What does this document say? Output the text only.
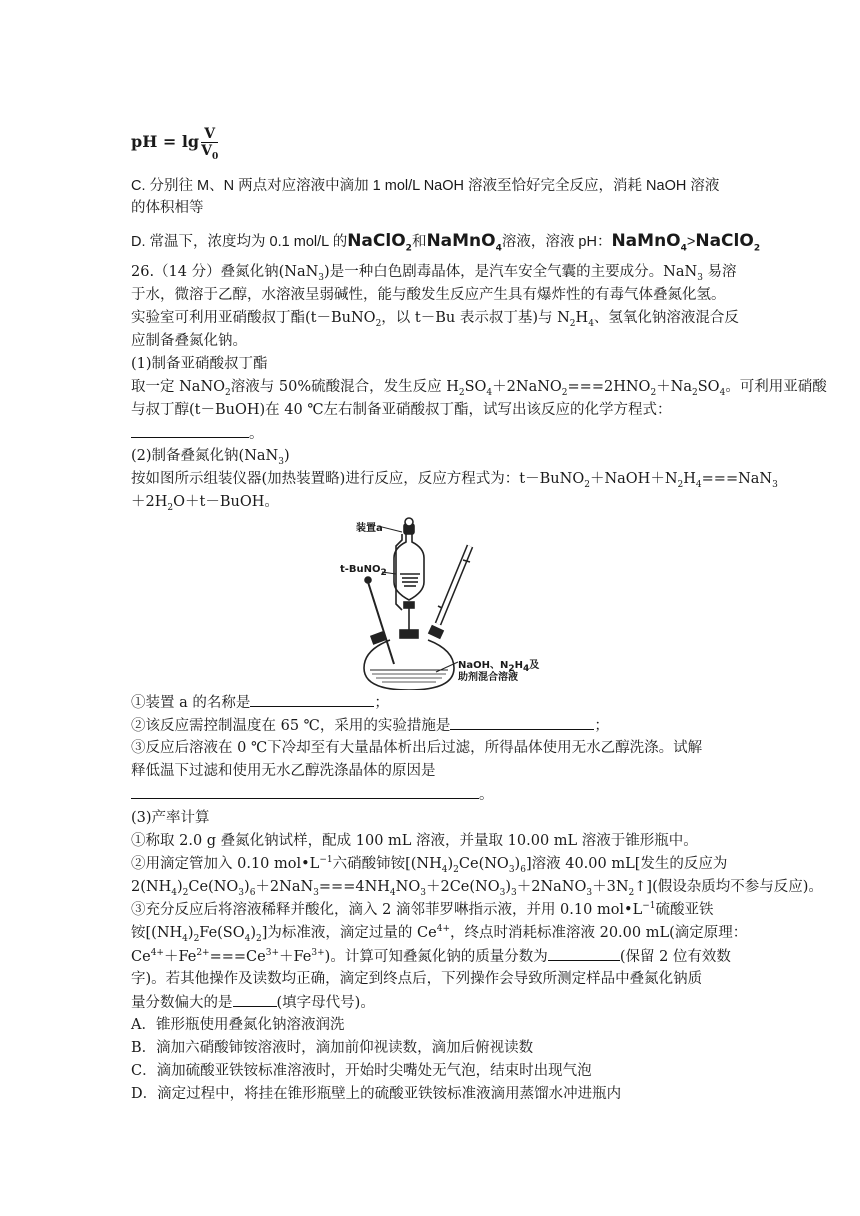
pH = $\lg \frac{V}{V_0}$
C. 分别往 M、N 两点对应溶液中滴加 1 mol/L NaOH 溶液至恰好完全反应，消耗 NaOH 溶液
的体积相等
D. 常温下，浓度均为 0.1 mol/L 的NaClO$_2$和NaMnO$_4$溶液，溶液 pH：NaMnO$_4$>NaClO$_2$
26.（14 分）叠氮化钠(NaN$_3$)是一种白色剧毒晶体，是汽车安全气囊的主要成分。NaN$_3$ 易溶
于水，微溶于乙醇，水溶液呈弱碱性，能与酸发生反应产生具有爆炸性的有毒气体叠氮化氢。
实验室可利用亚硝酸叔丁酯(t－BuNO$_2$，以 t－Bu 表示叔丁基)与 $N_2H_4$、氢氧化钠溶液混合反
应制备叠氮化钠。
(1)制备亚硝酸叔丁酯
取一定 NaNO$_2$溶液与 50%硫酸混合，发生反应 $H_2SO_4+2NaNO_2===2HNO_2+Na_2SO_4$。可利用亚硝酸
与叔丁醇(t－BuOH)在 40 ℃左右制备亚硝酸叔丁酯，试写出该反应的化学方程式：
。
(2)制备叠氮化钠(NaN$_3$)
按如图所示组装仪器(加热装置略)进行反应，反应方程式为：$t-BuNO_2+NaOH+N_2H_4===NaN_3$
$+2H_2O+t-BuOH$。
装置a
t-BuNO$_2$
NaOH、$N_2H_4$及
助剂混合溶液
①装置 a 的名称是	；
②该反应需控制温度在 65 ℃，采用的实验措施是	；
③反应后溶液在 0 ℃下冷却至有大量晶体析出后过滤，所得晶体使用无水乙醇洗涤。试解
释低温下过滤和使用无水乙醇洗涤晶体的原因是
。
(3)产率计算
①称取 2.0 g 叠氮化钠试样，配成 100 mL 溶液，并量取 10.00 mL 溶液于锥形瓶中。
②用滴定管加入 0.10 $mol•L^{-1}$六硝酸铈铵$[(NH_4)_2Ce(NO_3)_6]$溶液 40.00 mL[发生的反应为
$2(NH_4)_2Ce(NO_3)_6+2NaN_3===4NH_4NO_3+2Ce(NO_3)_3+2NaNO_3+3N_2↑$](假设杂质均不参与反应)。
③充分反应后将溶液稀释并酸化，滴入 2 滴邻菲罗啉指示液，并用 0.10 $mol•L^{-1}$硫酸亚铁
铵$[(NH_4)_2Fe(SO_4)_2]$为标准液，滴定过量的 $Ce^{4+}$，终点时消耗标准溶液 20.00 mL(滴定原理：
$Ce^{4+}+Fe^{2+}===Ce^{3+}+Fe^{3+}$)。计算可知叠氮化钠的质量分数为	(保留 2 位有效数
字)。若其他操作及读数均正确，滴定到终点后，下列操作会导致所测定样品中叠氮化钠质
量分数偏大的是	(填字母代号)。
A．锥形瓶使用叠氮化钠溶液润洗
B．滴加六硝酸铈铵溶液时，滴加前仰视读数，滴加后俯视读数
C．滴加硫酸亚铁铵标准溶液时，开始时尖嘴处无气泡，结束时出现气泡
D．滴定过程中，将挂在锥形瓶壁上的硫酸亚铁铵标准液滴用蒸馏水冲进瓶内
